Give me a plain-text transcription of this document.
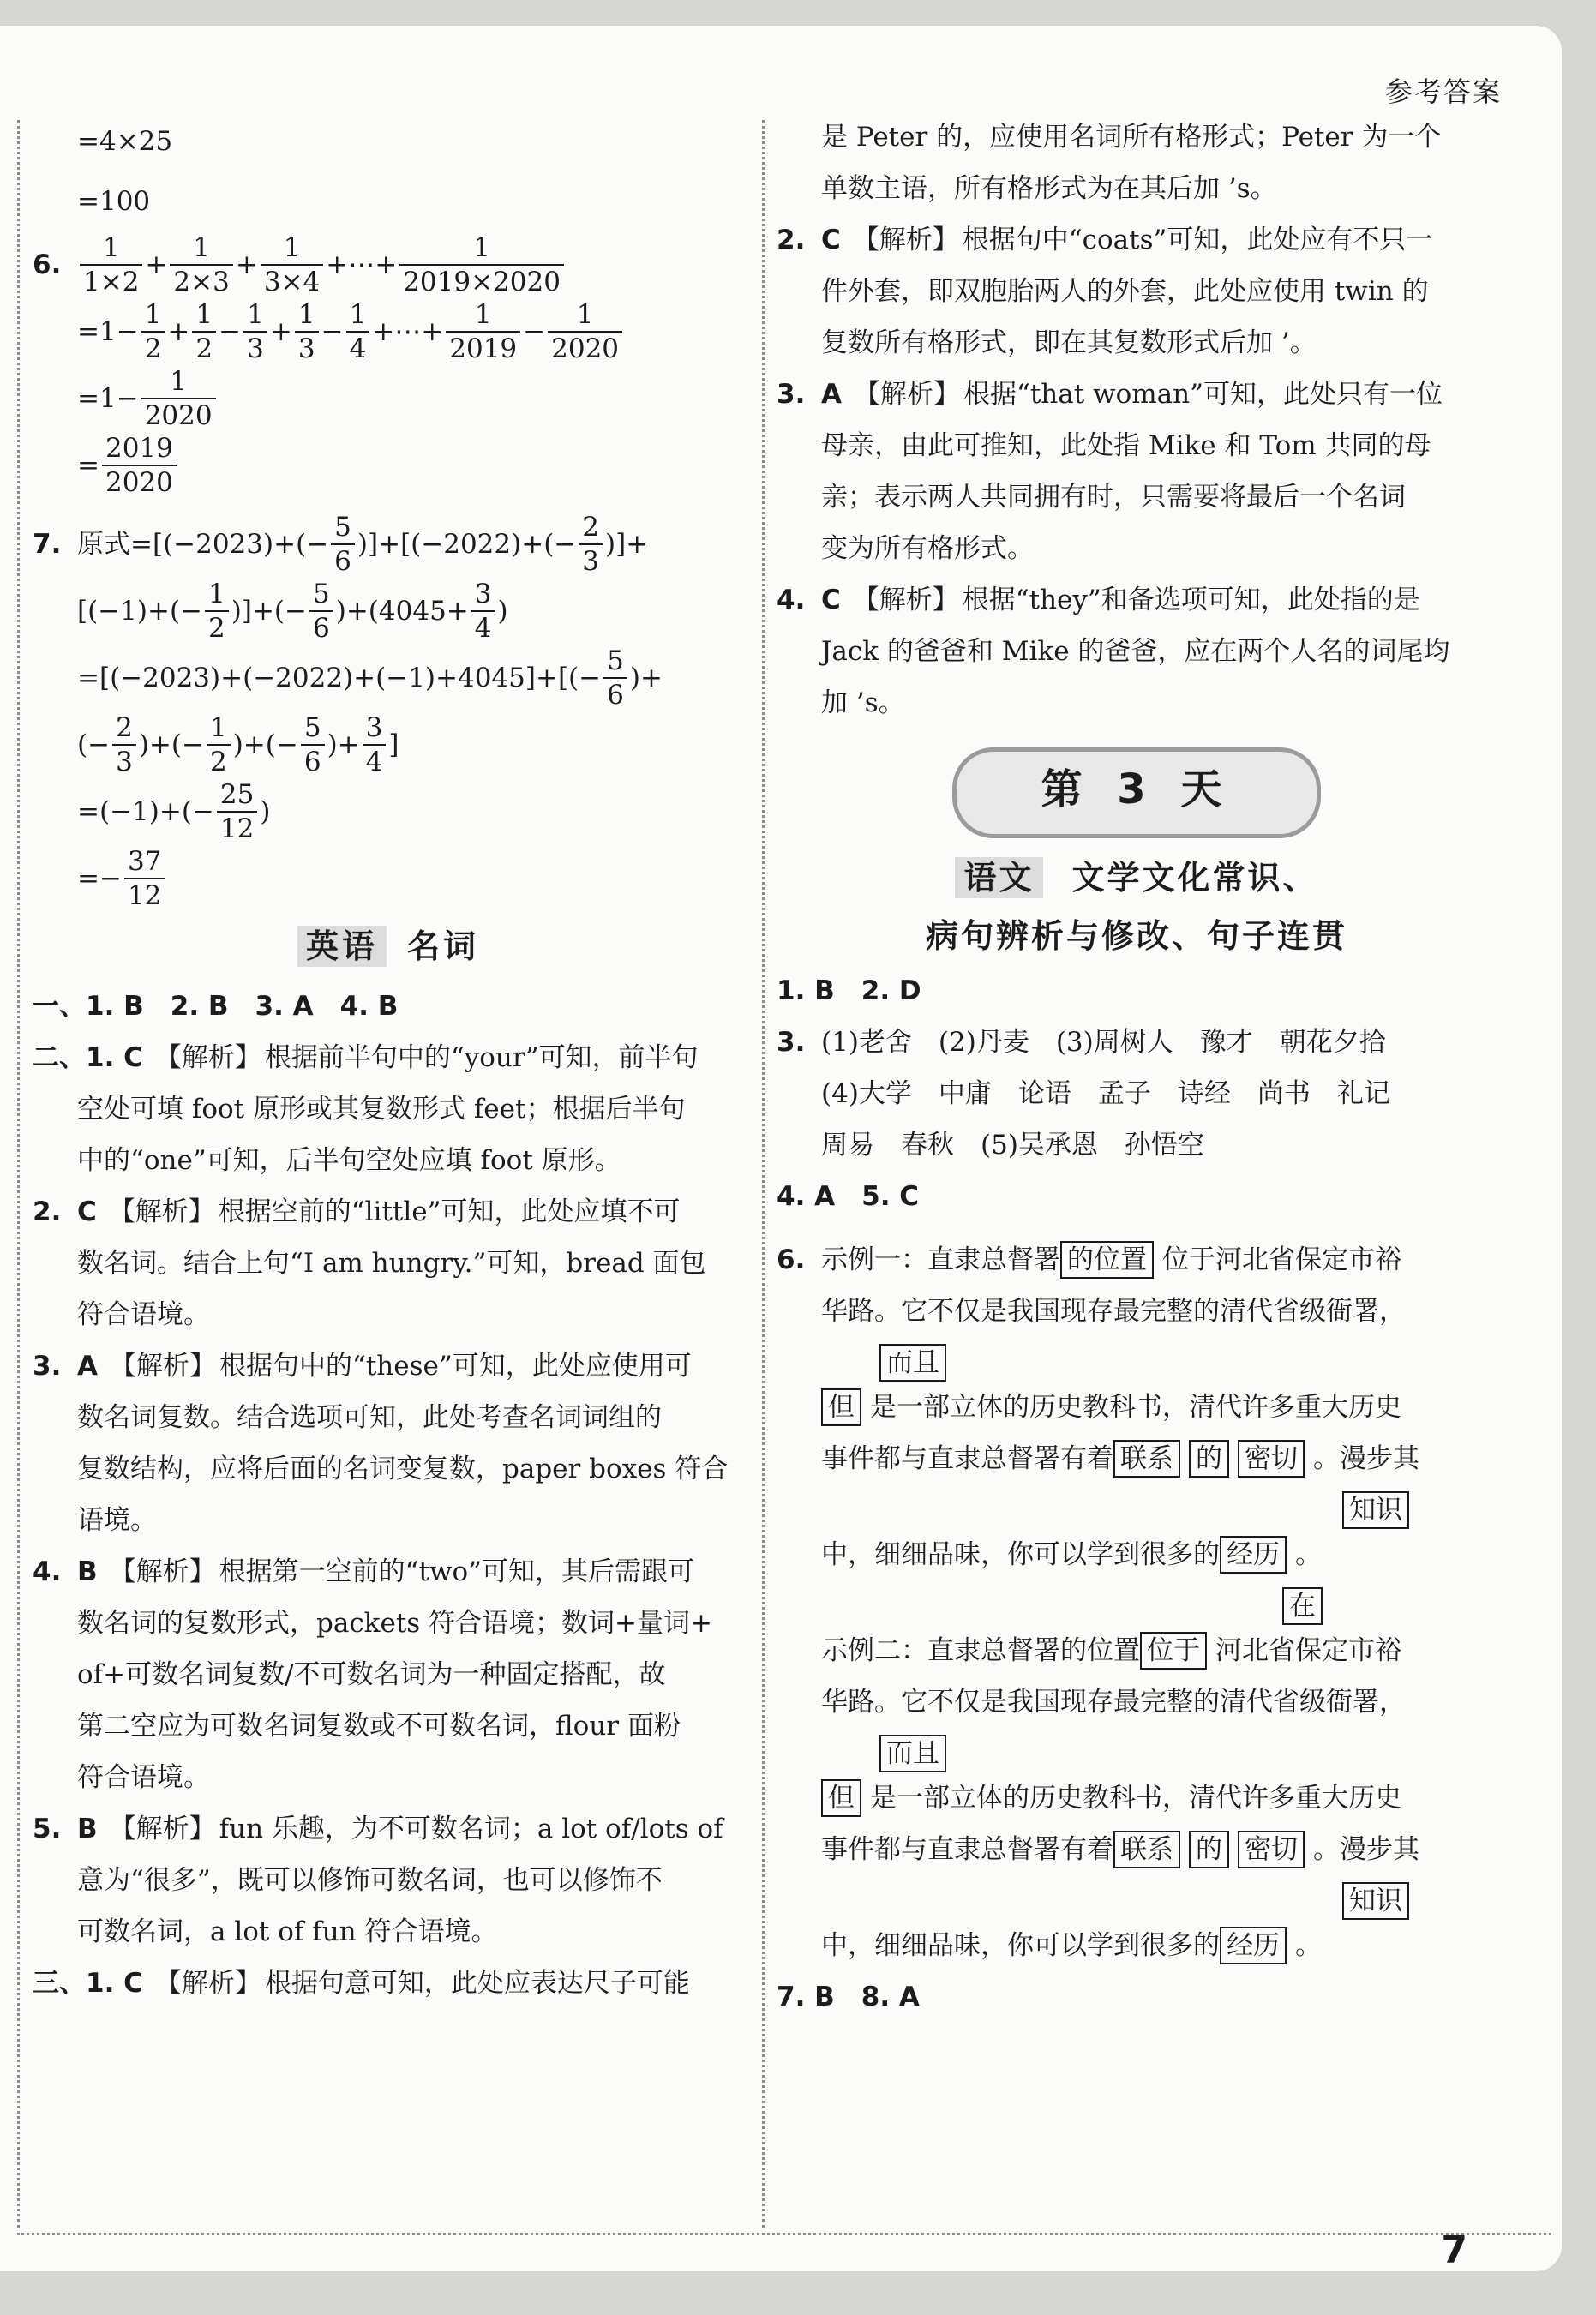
参考答案
=4×25
=100
6. $\frac{1}{1\times 2} + \frac{1}{2\times 3} + \frac{1}{3\times 4}$ +⋯+ $\frac{1}{2019\times 2020}$
$=1- \frac{1}{2} + \frac{1}{2} - \frac{1}{3} + \frac{1}{3} - \frac{1}{4}$ +⋯+ $\frac{1}{2019} - \frac{1}{2020}$
$=1- \frac{1}{2020}$
= $\frac{2019}{2020}$
7. 原式$=[(-2023)+(- \frac{5}{6} )]+[(-2022)+(- \frac{2}{3}$ )]+
[$(-1)+(- \frac{1}{2}$ )]+(− $\frac{5}{6} )+(4045+ \frac{3}{4}$ )
$=[(-2023)+(-2022)+(-1)+4045]+[(- \frac{5}{6}$ )+
(− $\frac{2}{3}$ )+(− $\frac{1}{2}$ )+(− $\frac{5}{6}$ )+ $\frac{3}{4}$ ]
$=(-1)+(- \frac{25}{12}$ )
=− $\frac{37}{12}$
英语 名词
一、1. B　2. B　3. A　4. B
二、1. C 【解析】 根据前半句中的“your”可知，前半句
空处可填 foot 原形或其复数形式 feet；根据后半句
中的“one”可知，后半句空处应填 foot 原形。
2. C 【解析】 根据空前的“little”可知，此处应填不可
数名词。结合上句“I am hungry.”可知，bread 面包
符合语境。
3. A 【解析】 根据句中的“these”可知，此处应使用可
数名词复数。结合选项可知，此处考查名词词组的
复数结构，应将后面的名词变复数，paper boxes 符合
语境。
4. B 【解析】 根据第一空前的“two”可知，其后需跟可
数名词的复数形式，packets 符合语境；数词+量词+
of+可数名词复数/不可数名词为一种固定搭配，故
第二空应为可数名词复数或不可数名词，flour 面粉
符合语境。
5. B 【解析】 fun 乐趣，为不可数名词；a lot of/lots of
意为“很多”，既可以修饰可数名词，也可以修饰不
可数名词，a lot of fun 符合语境。
三、1. C 【解析】 根据句意可知，此处应表达尺子可能
是 Peter 的，应使用名词所有格形式；Peter 为一个
单数主语，所有格形式为在其后加 ’s。
2. C 【解析】 根据句中“coats”可知，此处应有不只一
件外套，即双胞胎两人的外套，此处应使用 twin 的
复数所有格形式，即在其复数形式后加 ’。
3. A 【解析】 根据“that woman”可知，此处只有一位
母亲，由此可推知，此处指 Mike 和 Tom 共同的母
亲；表示两人共同拥有时，只需要将最后一个名词
变为所有格形式。
4. C 【解析】 根据“they”和备选项可知，此处指的是
Jack 的爸爸和 Mike 的爸爸，应在两个人名的词尾均
加 ’s。
第 3 天
语文 文学文化常识、
病句辨析与修改、句子连贯
1. B　2. D
3. (1)老舍　(2)丹麦　(3)周树人　豫才　朝花夕拾
(4)大学　中庸　论语　孟子　诗经　尚书　礼记
周易　春秋　(5)吴承恩　孙悟空
4. A　5. C
6. 示例一：直隶总督署 的位置 位于河北省保定市裕
华路。它不仅是我国现存最完整的清代省级衙署，
而且
但 是一部立体的历史教科书，清代许多重大历史
事件都与直隶总督署有着 联系 的 密切 。漫步其
知识
中，细细品味，你可以学到很多的 经历 。
在
示例二：直隶总督署的位置 位于 河北省保定市裕
华路。它不仅是我国现存最完整的清代省级衙署，
而且
但 是一部立体的历史教科书，清代许多重大历史
事件都与直隶总督署有着 联系 的 密切 。漫步其
知识
中，细细品味，你可以学到很多的 经历 。
7. B　8. A
7
